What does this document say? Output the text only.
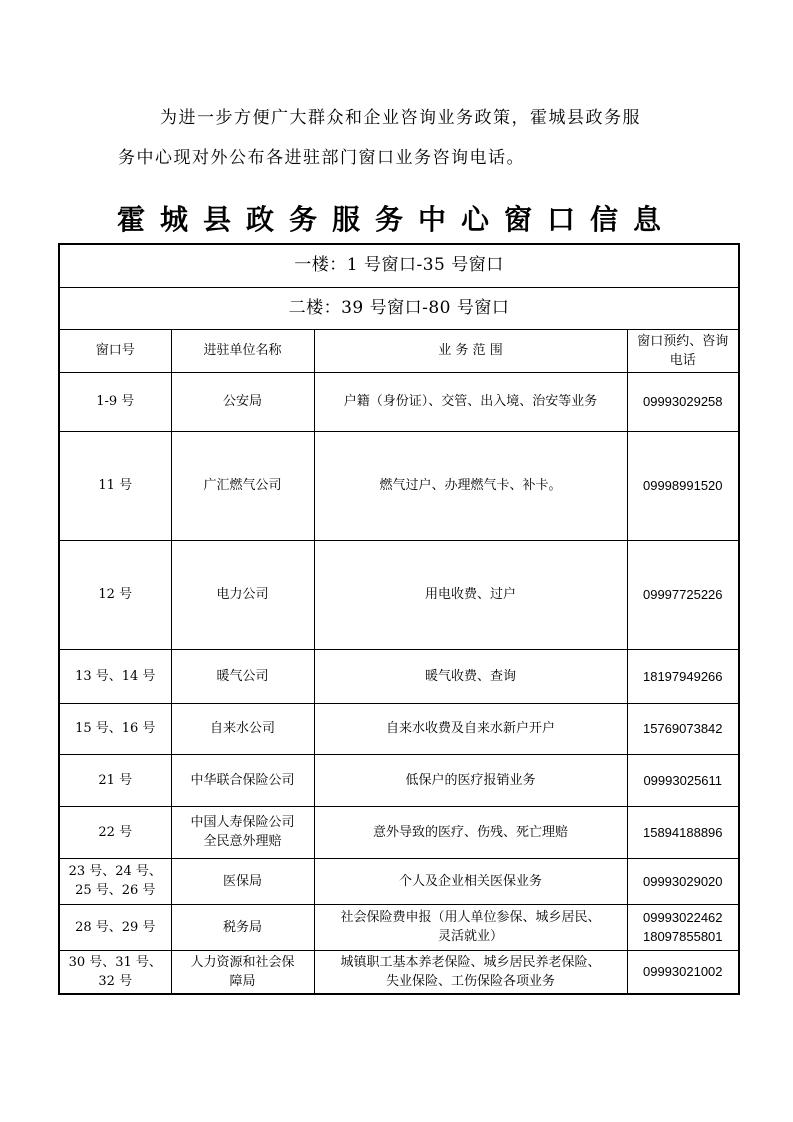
为进一步方便广大群众和企业咨询业务政策，霍城县政务服
务中心现对外公布各进驻部门窗口业务咨询电话。
霍城县政务服务中心窗口信息
一楼：1 号窗口-35 号窗口			
二楼：39 号窗口-80 号窗口			
窗口号	进驻单位名称	业 务 范 围	窗口预约、咨询
电话

1-9 号	公安局	户籍（身份证）、交管、出入境、治安等业务	09993029258
11 号	广汇燃气公司	燃气过户、办理燃气卡、补卡。	09998991520
12 号	电力公司	用电收费、过户	09997725226
13 号、14 号	暖气公司	暖气收费、查询	18197949266
15 号、16 号	自来水公司	自来水收费及自来水新户开户	15769073842
21 号	中华联合保险公司	低保户的医疗报销业务	09993025611
22 号	中国人寿保险公司
全民意外理赔	意外导致的医疗、伤残、死亡理赔	15894188896

23 号、24 号、
25 号、26 号	医保局	个人及企业相关医保业务	09993029020
28 号、29 号	税务局	社会保险费申报（用人单位参保、城乡居民、
灵活就业）	09993022462
18097855801

30 号、31 号、
32 号	人力资源和社会保
障局	城镇职工基本养老保险、城乡居民养老保险、
失业保险、工伤保险各项业务	09993021002
